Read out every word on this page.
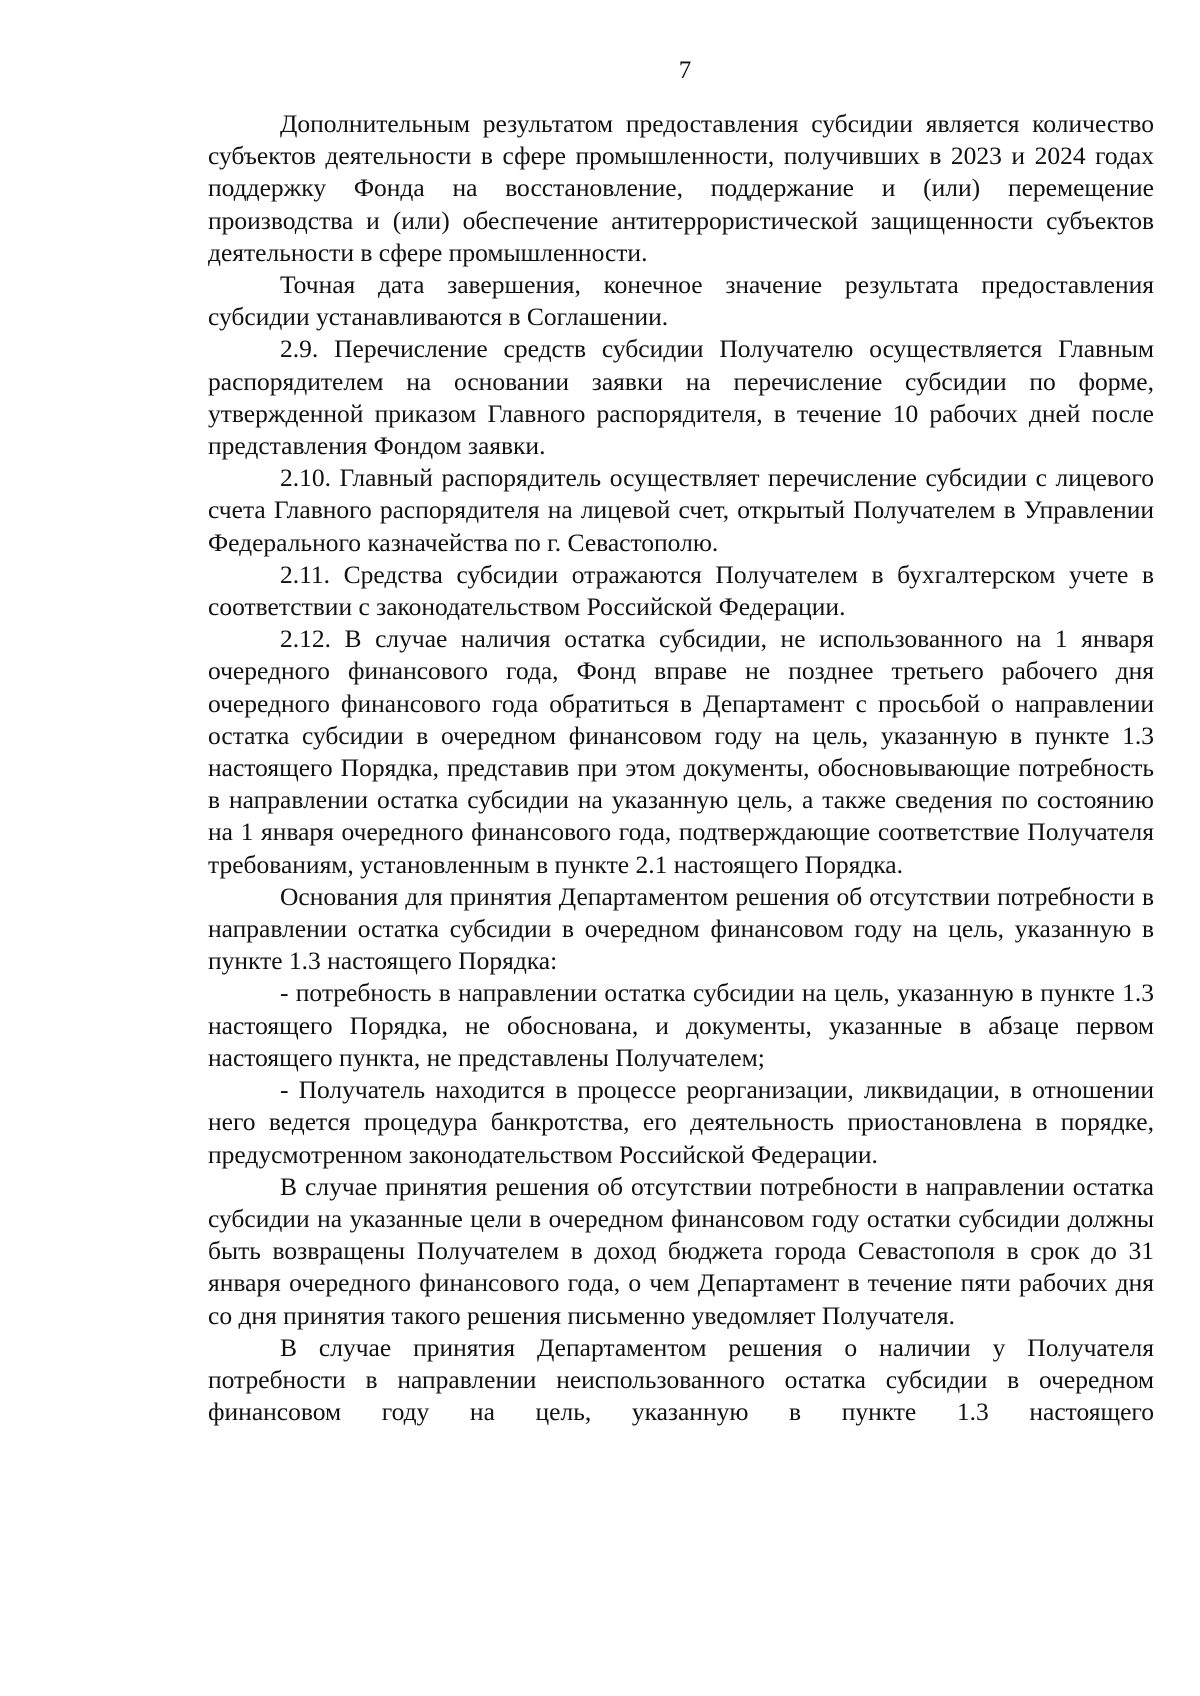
7

Дополнительным результатом предоставления субсидии является количество субъектов деятельности в сфере промышленности, получивших в 2023 и 2024 годах поддержку Фонда на восстановление, поддержание и (или) перемещение производства и (или) обеспечение антитеррористической защищенности субъектов деятельности в сфере промышленности.

Точная дата завершения, конечное значение результата предоставления субсидии устанавливаются в Соглашении.

2.9. Перечисление средств субсидии Получателю осуществляется Главным распорядителем на основании заявки на перечисление субсидии по форме, утвержденной приказом Главного распорядителя, в течение 10 рабочих дней после представления Фондом заявки.

2.10. Главный распорядитель осуществляет перечисление субсидии с лицевого счета Главного распорядителя на лицевой счет, открытый Получателем в Управлении Федерального казначейства по г. Севастополю.

2.11. Средства субсидии отражаются Получателем в бухгалтерском учете в соответствии с законодательством Российской Федерации.

2.12. В случае наличия остатка субсидии, не использованного на 1 января очередного финансового года, Фонд вправе не позднее третьего рабочего дня очередного финансового года обратиться в Департамент с просьбой о направлении остатка субсидии в очередном финансовом году на цель, указанную в пункте 1.3 настоящего Порядка, представив при этом документы, обосновывающие потребность в направлении остатка субсидии на указанную цель, а также сведения по состоянию на 1 января очередного финансового года, подтверждающие соответствие Получателя требованиям, установленным в пункте 2.1 настоящего Порядка.

Основания для принятия Департаментом решения об отсутствии потребности в направлении остатка субсидии в очередном финансовом году на цель, указанную в пункте 1.3 настоящего Порядка:

- потребность в направлении остатка субсидии на цель, указанную в пункте 1.3 настоящего Порядка, не обоснована, и документы, указанные в абзаце первом настоящего пункта, не представлены Получателем;

- Получатель находится в процессе реорганизации, ликвидации, в отношении него ведется процедура банкротства, его деятельность приостановлена в порядке, предусмотренном законодательством Российской Федерации.

В случае принятия решения об отсутствии потребности в направлении остатка субсидии на указанные цели в очередном финансовом году остатки субсидии должны быть возвращены Получателем в доход бюджета города Севастополя в срок до 31 января очередного финансового года, о чем Департамент в течение пяти рабочих дня со дня принятия такого решения письменно уведомляет Получателя.

В случае принятия Департаментом решения о наличии у Получателя потребности в направлении неиспользованного остатка субсидии в очередном финансовом году на цель, указанную в пункте 1.3 настоящего
